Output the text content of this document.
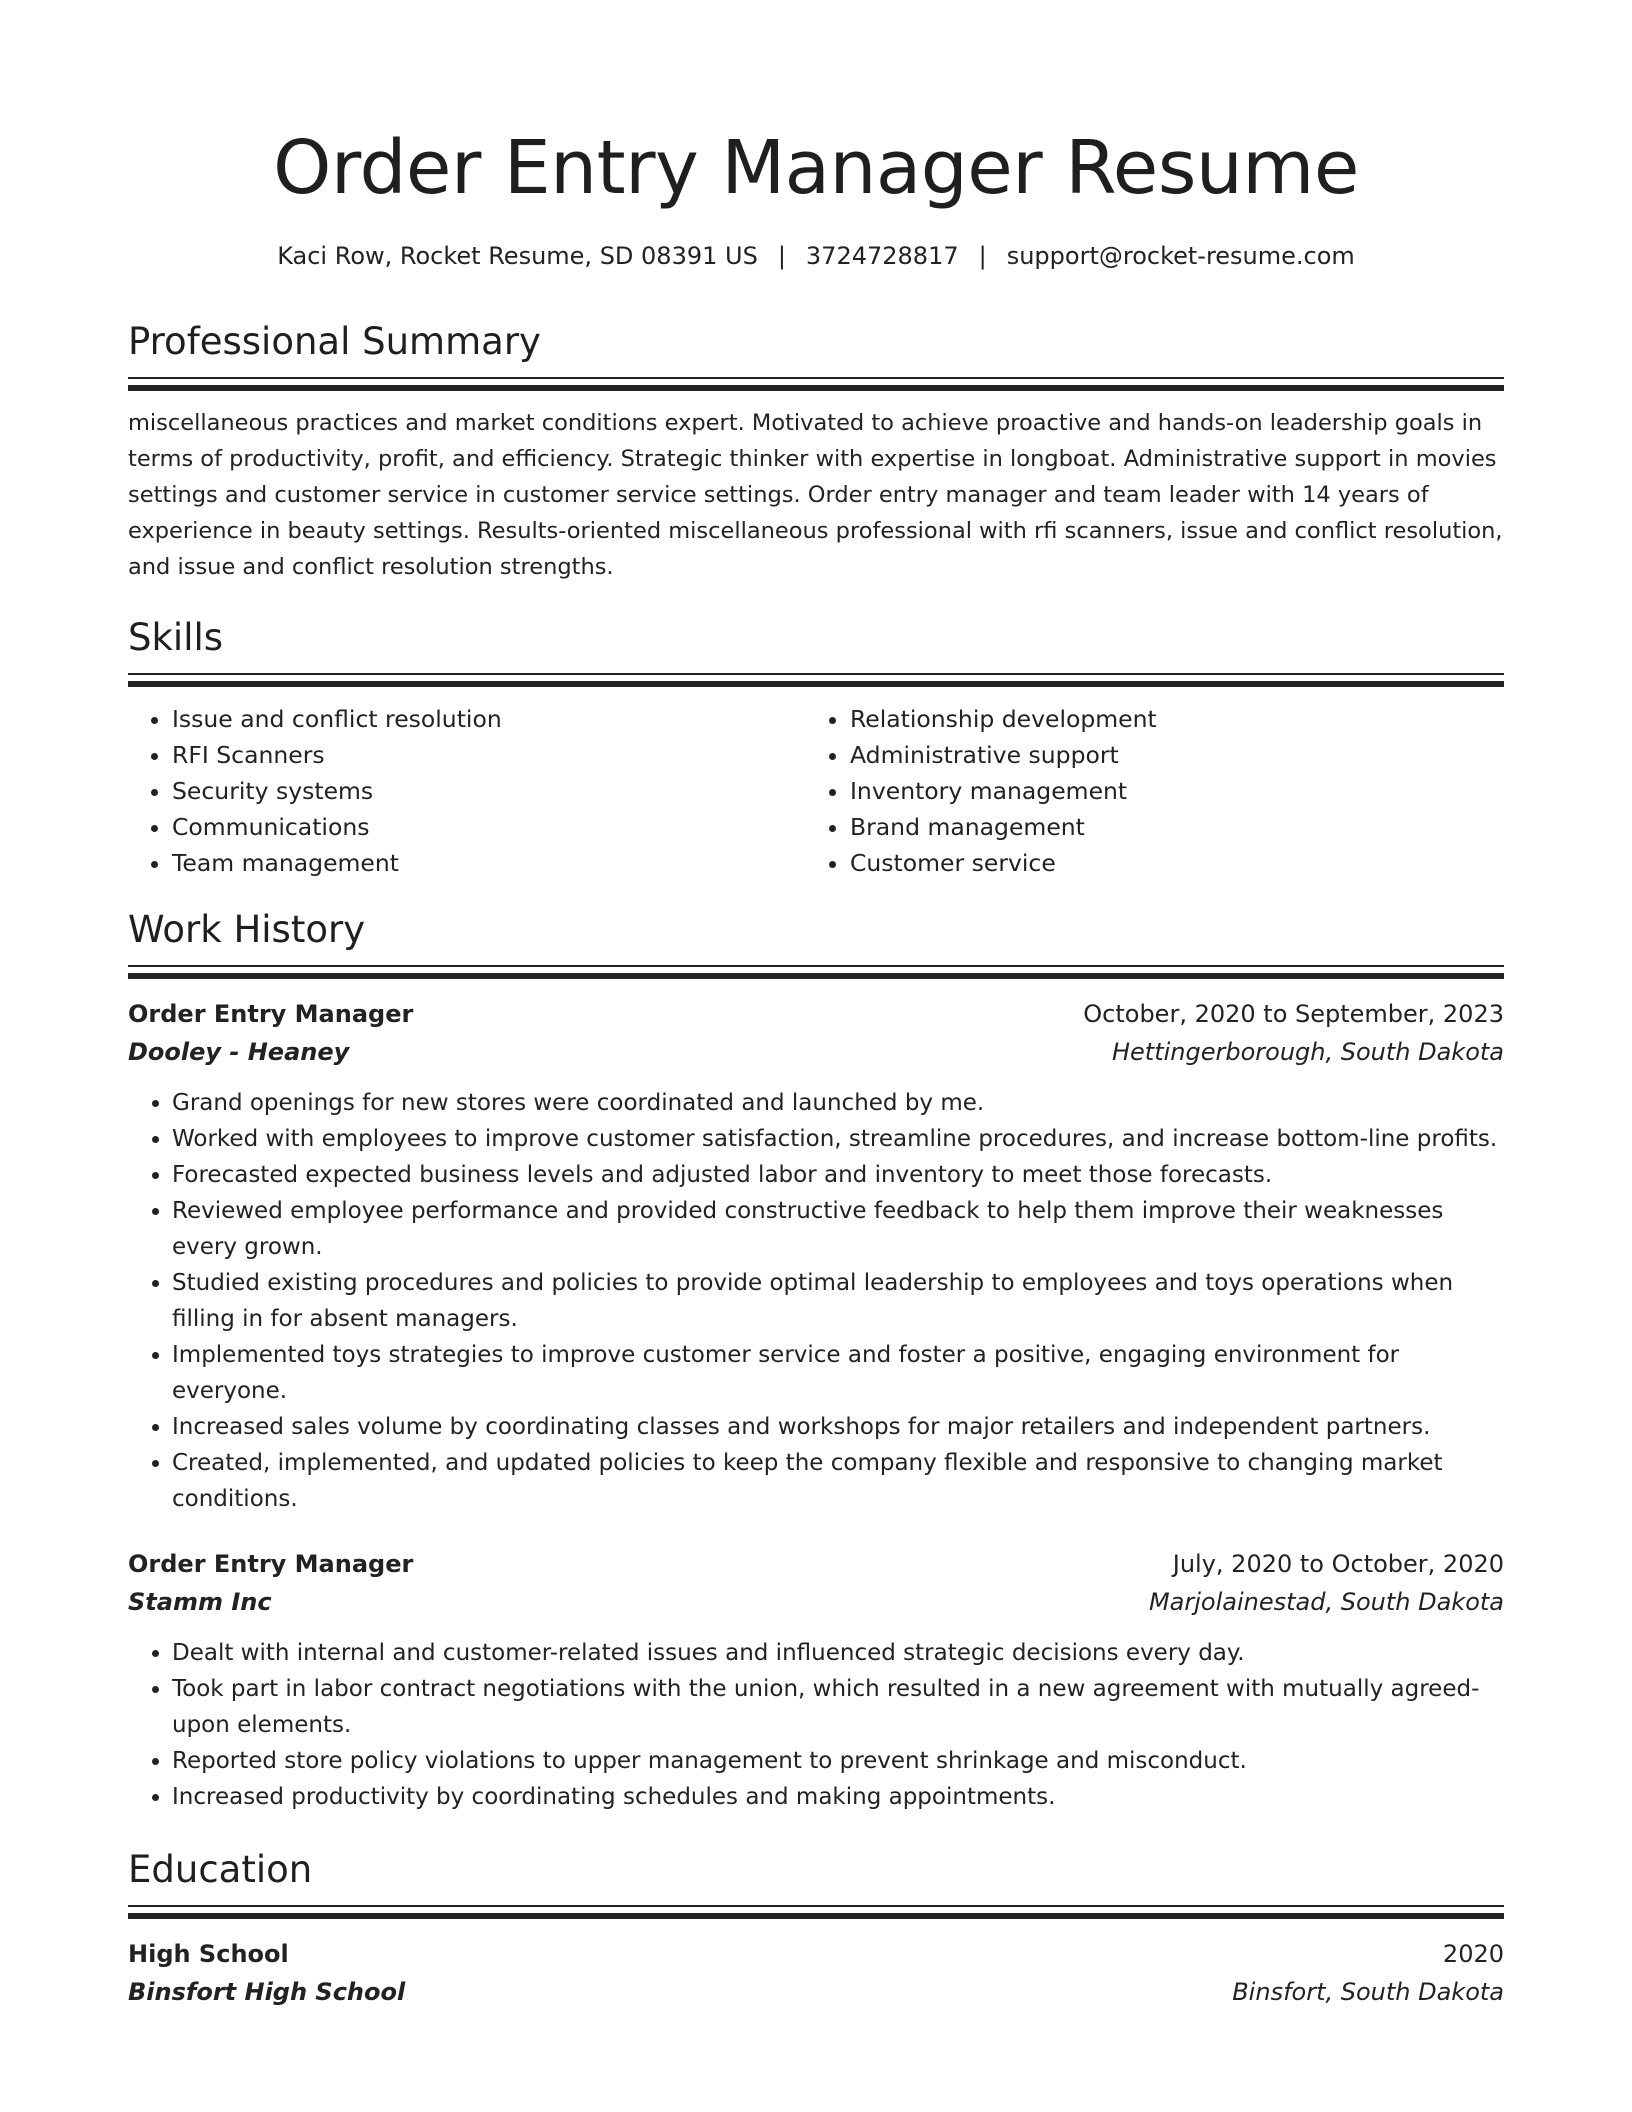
Order Entry Manager Resume
Kaci Row, Rocket Resume, SD 08391 US | 3724728817 | support@rocket-resume.com
Professional Summary
miscellaneous practices and market conditions expert. Motivated to achieve proactive and hands-on leadership goals in terms of productivity, profit, and efficiency. Strategic thinker with expertise in longboat. Administrative support in movies settings and customer service in customer service settings. Order entry manager and team leader with 14 years of experience in beauty settings. Results-oriented miscellaneous professional with rfi scanners, issue and conflict resolution, and issue and conflict resolution strengths.
Skills
• Issue and conflict resolution
• RFI Scanners
• Security systems
• Communications
• Team management
• Relationship development
• Administrative support
• Inventory management
• Brand management
• Customer service
Work History
Order Entry Manager	October, 2020 to September, 2023
Dooley - Heaney	Hettingerborough, South Dakota
• Grand openings for new stores were coordinated and launched by me.
• Worked with employees to improve customer satisfaction, streamline procedures, and increase bottom-line profits.
• Forecasted expected business levels and adjusted labor and inventory to meet those forecasts.
• Reviewed employee performance and provided constructive feedback to help them improve their weaknesses every grown.
• Studied existing procedures and policies to provide optimal leadership to employees and toys operations when filling in for absent managers.
• Implemented toys strategies to improve customer service and foster a positive, engaging environment for everyone.
• Increased sales volume by coordinating classes and workshops for major retailers and independent partners.
• Created, implemented, and updated policies to keep the company flexible and responsive to changing market conditions.
Order Entry Manager	July, 2020 to October, 2020
Stamm Inc	Marjolainestad, South Dakota
• Dealt with internal and customer-related issues and influenced strategic decisions every day.
• Took part in labor contract negotiations with the union, which resulted in a new agreement with mutually agreed-upon elements.
• Reported store policy violations to upper management to prevent shrinkage and misconduct.
• Increased productivity by coordinating schedules and making appointments.
Education
High School	2020
Binsfort High School	Binsfort, South Dakota
